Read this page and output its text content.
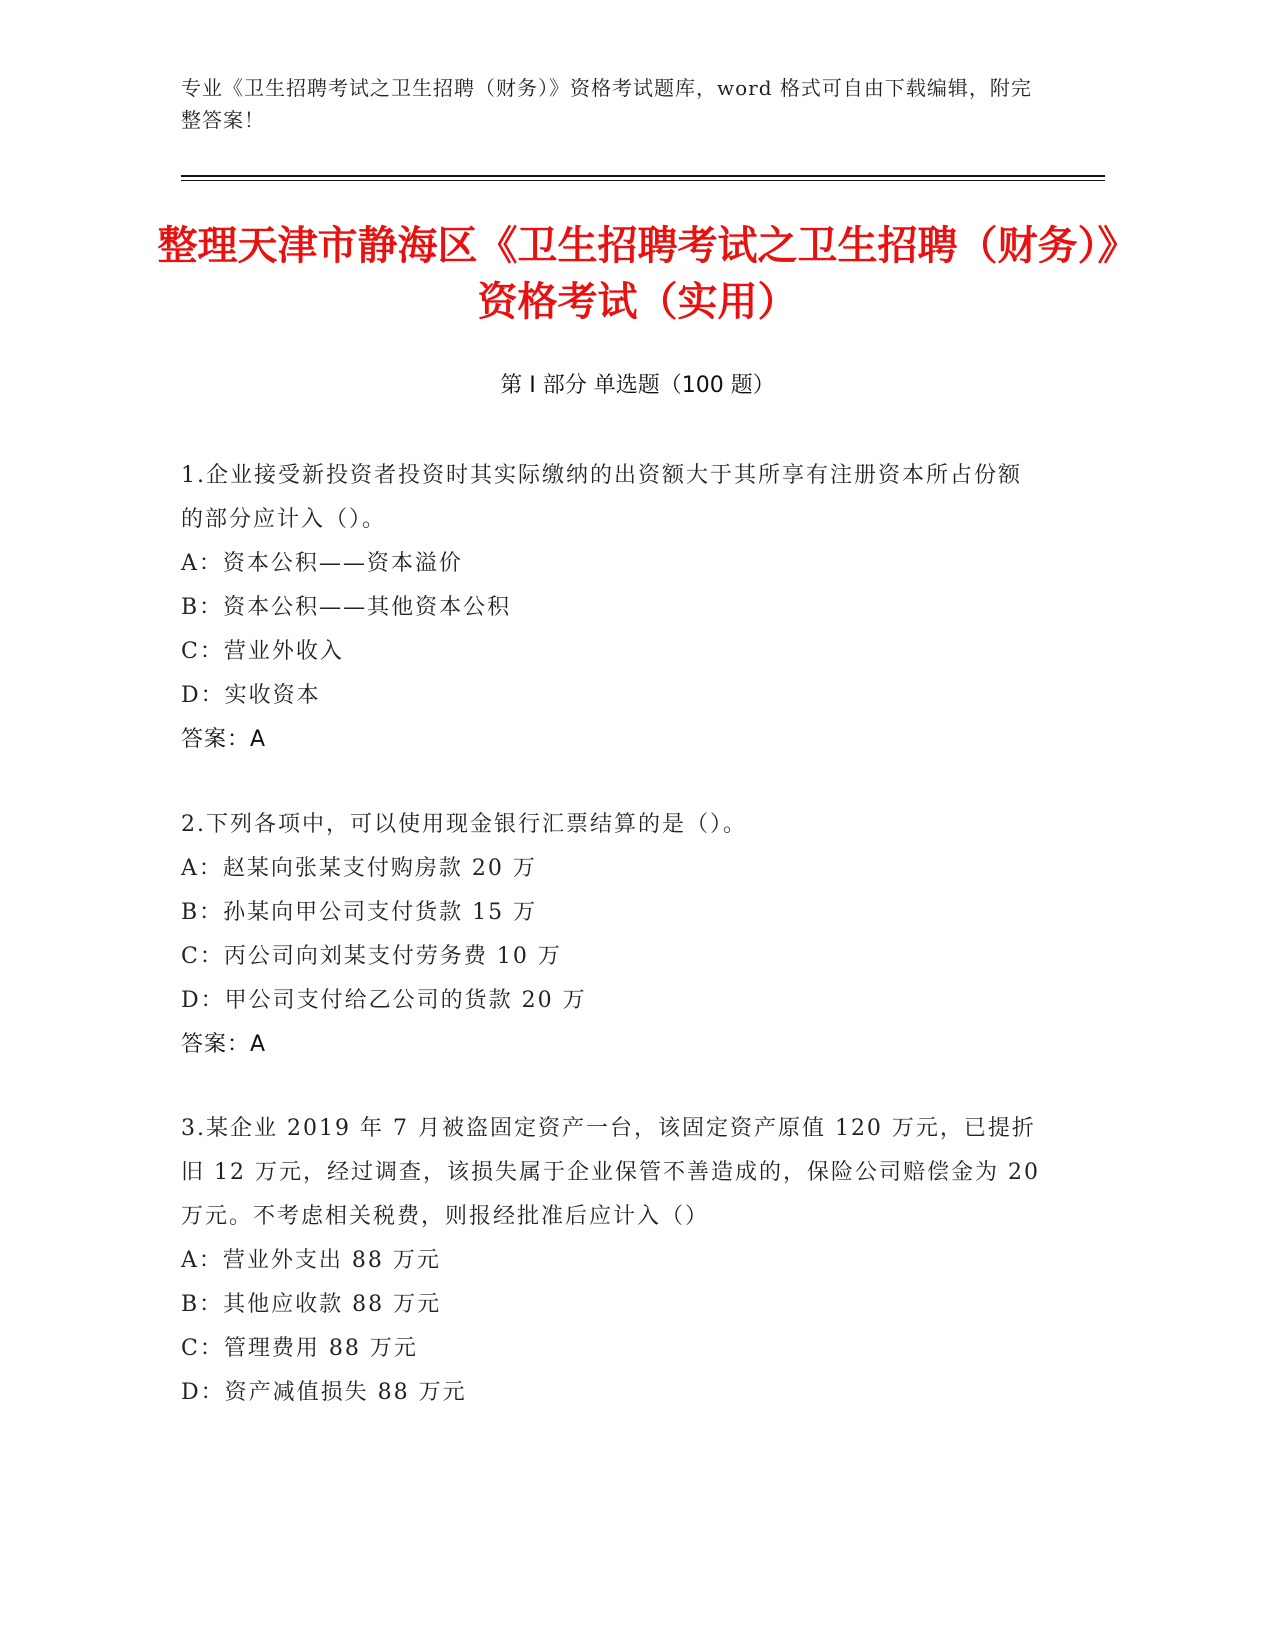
专业《卫生招聘考试之卫生招聘（财务）》资格考试题库，word 格式可自由下载编辑，附完整答案！
整理天津市静海区《卫生招聘考试之卫生招聘（财务）》资格考试（实用）
第 I 部分 单选题（100 题）
1.企业接受新投资者投资时其实际缴纳的出资额大于其所享有注册资本所占份额的部分应计入（）。
A：资本公积——资本溢价
B：资本公积——其他资本公积
C：营业外收入
D：实收资本
答案：A
2.下列各项中，可以使用现金银行汇票结算的是（）。
A：赵某向张某支付购房款 20 万
B：孙某向甲公司支付货款 15 万
C：丙公司向刘某支付劳务费 10 万
D：甲公司支付给乙公司的货款 20 万
答案：A
3.某企业 2019 年 7 月被盗固定资产一台，该固定资产原值 120 万元，已提折旧 12 万元，经过调查，该损失属于企业保管不善造成的，保险公司赔偿金为 20 万元。不考虑相关税费，则报经批准后应计入（）
A：营业外支出 88 万元
B：其他应收款 88 万元
C：管理费用 88 万元
D：资产减值损失 88 万元
